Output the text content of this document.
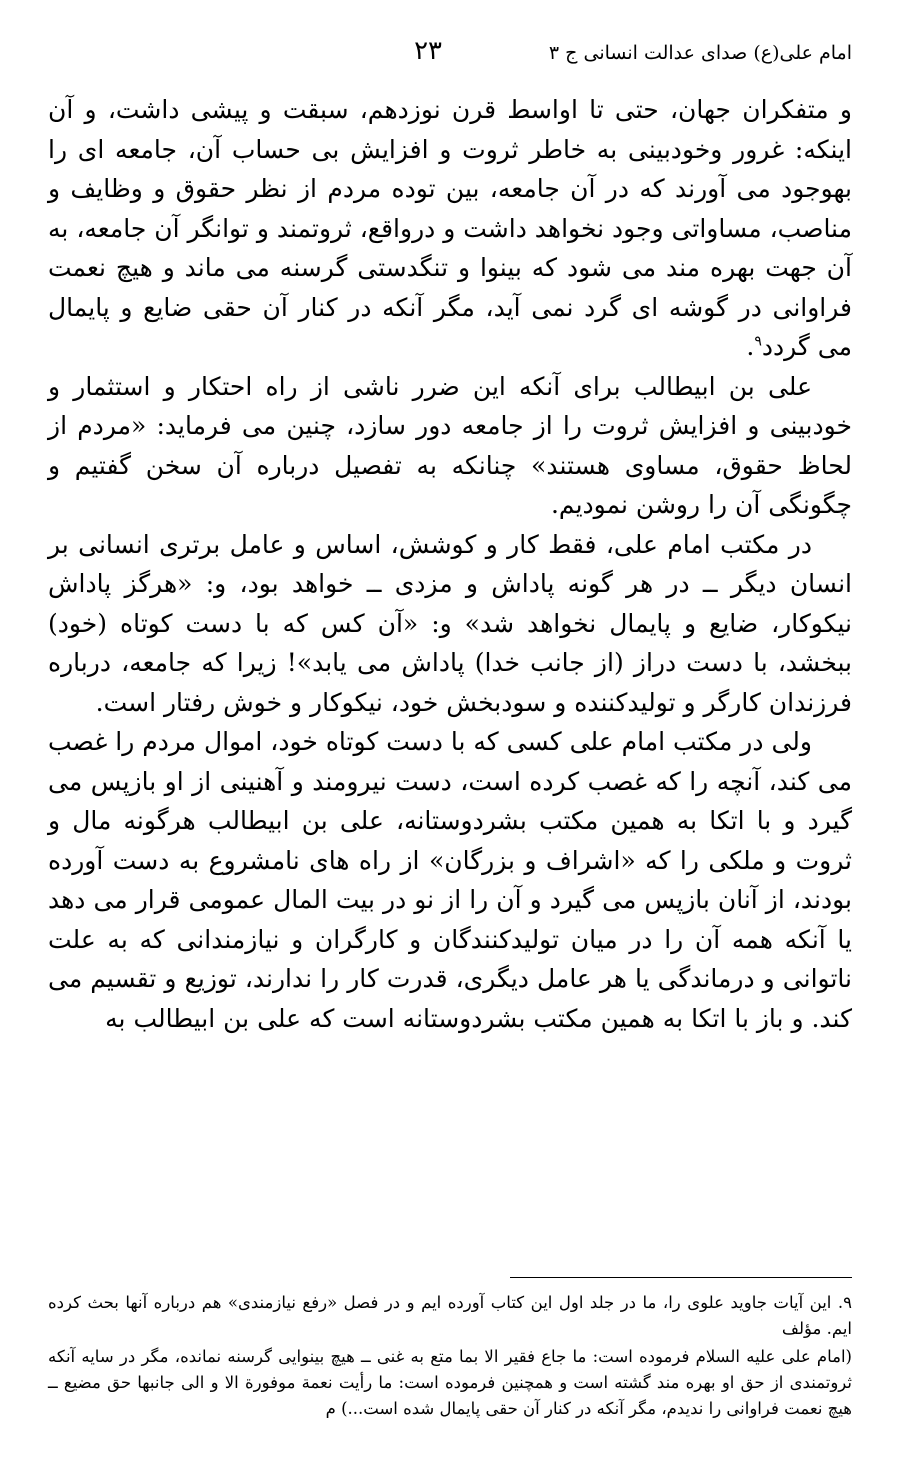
امام علی(ع) صدای عدالت انسانی ج ۳
۲۳

و متفکران جهان، حتی تا اواسط قرن نوزدهم، سبقت و پیشی داشت، و آن اینکه: غرور وخودبینی به خاطر ثروت و افزایش بی حساب آن، جامعه ای را بهوجود می آورند که در آن جامعه، بین توده مردم از نظر حقوق و وظایف و مناصب، مساواتی وجود نخواهد داشت و درواقع، ثروتمند و توانگر آن جامعه، به آن جهت بهره مند می شود که بینوا و تنگدستی گرسنه می ماند و هیچ نعمت فراوانی در گوشه ای گرد نمی آید، مگر آنکه در کنار آن حقی ضایع و پایمال می گردد$^۹$.

علی بن ابیطالب برای آنکه این ضرر ناشی از راه احتکار و استثمار و خودبینی و افزایش ثروت را از جامعه دور سازد، چنین می فرماید: «مردم از لحاظ حقوق، مساوی هستند» چنانکه به تفصیل درباره آن سخن گفتیم و چگونگی آن را روشن نمودیم.

در مکتب امام علی، فقط کار و کوشش، اساس و عامل برتری انسانی بر انسان دیگر ــ در هر گونه پاداش و مزدی ــ خواهد بود، و: «هرگز پاداش نیکوکار، ضایع و پایمال نخواهد شد» و: «آن کس که با دست کوتاه (خود) ببخشد، با دست دراز (از جانب خدا) پاداش می یابد»! زیرا که جامعه، درباره فرزندان کارگر و تولیدکننده و سودبخش خود، نیکوکار و خوش رفتار است.

ولی در مکتب امام علی کسی که با دست کوتاه خود، اموال مردم را غصب می کند، آنچه را که غصب کرده است، دست نیرومند و آهنینی از او بازپس می گیرد و با اتکا به همین مکتب بشردوستانه، علی بن ابیطالب هرگونه مال و ثروت و ملکی را که «اشراف و بزرگان» از راه های نامشروع به دست آورده بودند، از آنان بازپس می گیرد و آن را از نو در بیت المال عمومی قرار می دهد یا آنکه همه آن را در میان تولیدکنندگان و کارگران و نیازمندانی که به علت ناتوانی و درماندگی یا هر عامل دیگری، قدرت کار را ندارند، توزیع و تقسیم می کند. و باز با اتکا به همین مکتب بشردوستانه است که علی بن ابیطالب به

۹. این آیات جاوید علوی را، ما در جلد اول این کتاب آورده ایم و در فصل «رفع نیازمندی» هم درباره آنها بحث کرده ایم. مؤلف

(امام علی علیه السلام فرموده است: ما جاع فقیر الا بما متع به غنی ــ هیچ بینوایی گرسنه نمانده، مگر در سایه آنکه ثروتمندی از حق او بهره مند گشته است و همچنین فرموده است: ما رأیت نعمة موفورة الا و الی جانبها حق مضیع ــ هیچ نعمت فراوانی را ندیدم، مگر آنکه در کنار آن حقی پایمال شده است...) م
